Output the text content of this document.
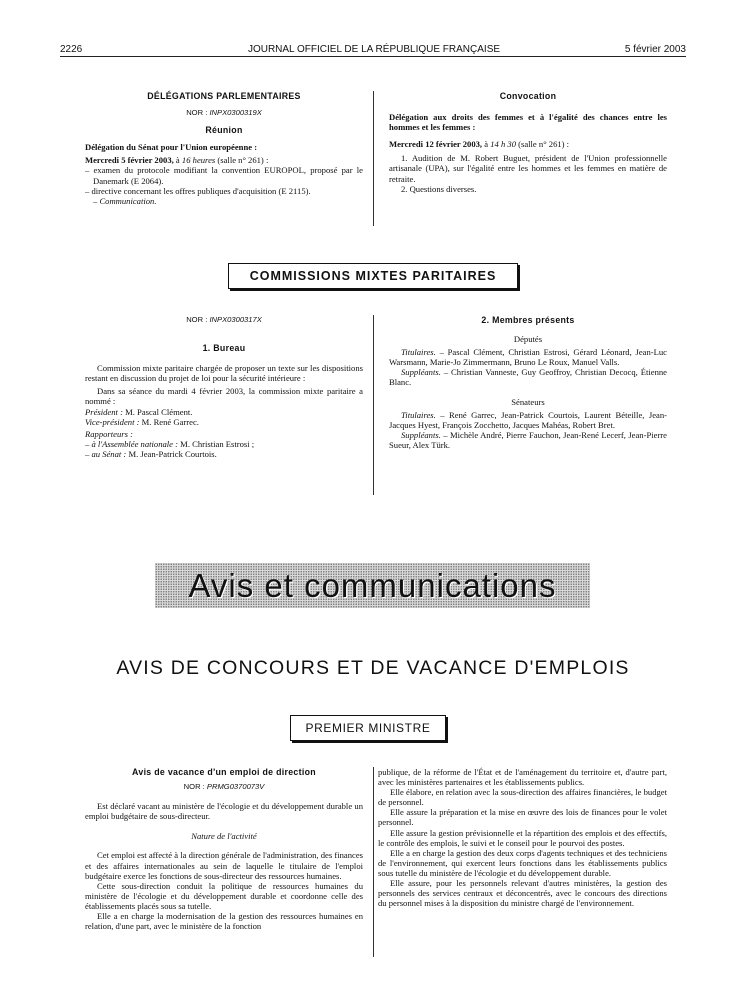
2226	JOURNAL OFFICIEL DE LA RÉPUBLIQUE FRANÇAISE	5 février 2003
DÉLÉGATIONS PARLEMENTAIRES
NOR : INPX0300319X
Réunion

Délégation du Sénat pour l'Union européenne :

Mercredi 5 février 2003, à 16 heures (salle n° 261) :

– examen du protocole modifiant la convention EUROPOL, proposé par le Danemark (E 2064).

– directive concernant les offres publiques d'acquisition (E 2115).

– Communication.

Convocation

Délégation aux droits des femmes et à l'égalité des chances entre les hommes et les femmes :

Mercredi 12 février 2003, à 14 h 30 (salle n° 261) :

1. Audition de M. Robert Buguet, président de l'Union professionnelle artisanale (UPA), sur l'égalité entre les hommes et les femmes en matière de retraite.

2. Questions diverses.

COMMISSIONS MIXTES PARITAIRES
NOR : INPX0300317X
1. Bureau

Commission mixte paritaire chargée de proposer un texte sur les dispositions restant en discussion du projet de loi pour la sécurité intérieure :

Dans sa séance du mardi 4 février 2003, la commission mixte paritaire a nommé :

Président : M. Pascal Clément.

Vice-président : M. René Garrec.

Rapporteurs :

– à l'Assemblée nationale : M. Christian Estrosi ;

– au Sénat : M. Jean-Patrick Courtois.

2. Membres présents

Députés

Titulaires. – Pascal Clément, Christian Estrosi, Gérard Léonard, Jean-Luc Warsmann, Marie-Jo Zimmermann, Bruno Le Roux, Manuel Valls.

Suppléants. – Christian Vanneste, Guy Geoffroy, Christian Decocq, Étienne Blanc.

Sénateurs

Titulaires. – René Garrec, Jean-Patrick Courtois, Laurent Béteille, Jean-Jacques Hyest, François Zocchetto, Jacques Mahéas, Robert Bret.

Suppléants. – Michèle André, Pierre Fauchon, Jean-René Lecerf, Jean-Pierre Sueur, Alex Türk.

Avis et communications
AVIS DE CONCOURS ET DE VACANCE D'EMPLOIS
PREMIER MINISTRE
Avis de vacance d'un emploi de direction
NOR : PRMG0370073V

Est déclaré vacant au ministère de l'écologie et du développement durable un emploi budgétaire de sous-directeur.

Nature de l'activité

Cet emploi est affecté à la direction générale de l'administration, des finances et des affaires internationales au sein de laquelle le titulaire de l'emploi budgétaire exerce les fonctions de sous-directeur des ressources humaines.

Cette sous-direction conduit la politique de ressources humaines du ministère de l'écologie et du développement durable et coordonne celle des établissements placés sous sa tutelle.

Elle a en charge la modernisation de la gestion des ressources humaines en relation, d'une part, avec le ministère de la fonction

publique, de la réforme de l'État et de l'aménagement du territoire et, d'autre part, avec les ministères partenaires et les établissements publics.

Elle élabore, en relation avec la sous-direction des affaires financières, le budget de personnel.

Elle assure la préparation et la mise en œuvre des lois de finances pour le volet personnel.

Elle assure la gestion prévisionnelle et la répartition des emplois et des effectifs, le contrôle des emplois, le suivi et le conseil pour le pourvoi des postes.

Elle a en charge la gestion des deux corps d'agents techniques et des techniciens de l'environnement, qui exercent leurs fonctions dans les établissements publics sous tutelle du ministère de l'écologie et du développement durable.

Elle assure, pour les personnels relevant d'autres ministères, la gestion des personnels des services centraux et déconcentrés, avec le concours des directions du personnel mises à la disposition du ministre chargé de l'environnement.
